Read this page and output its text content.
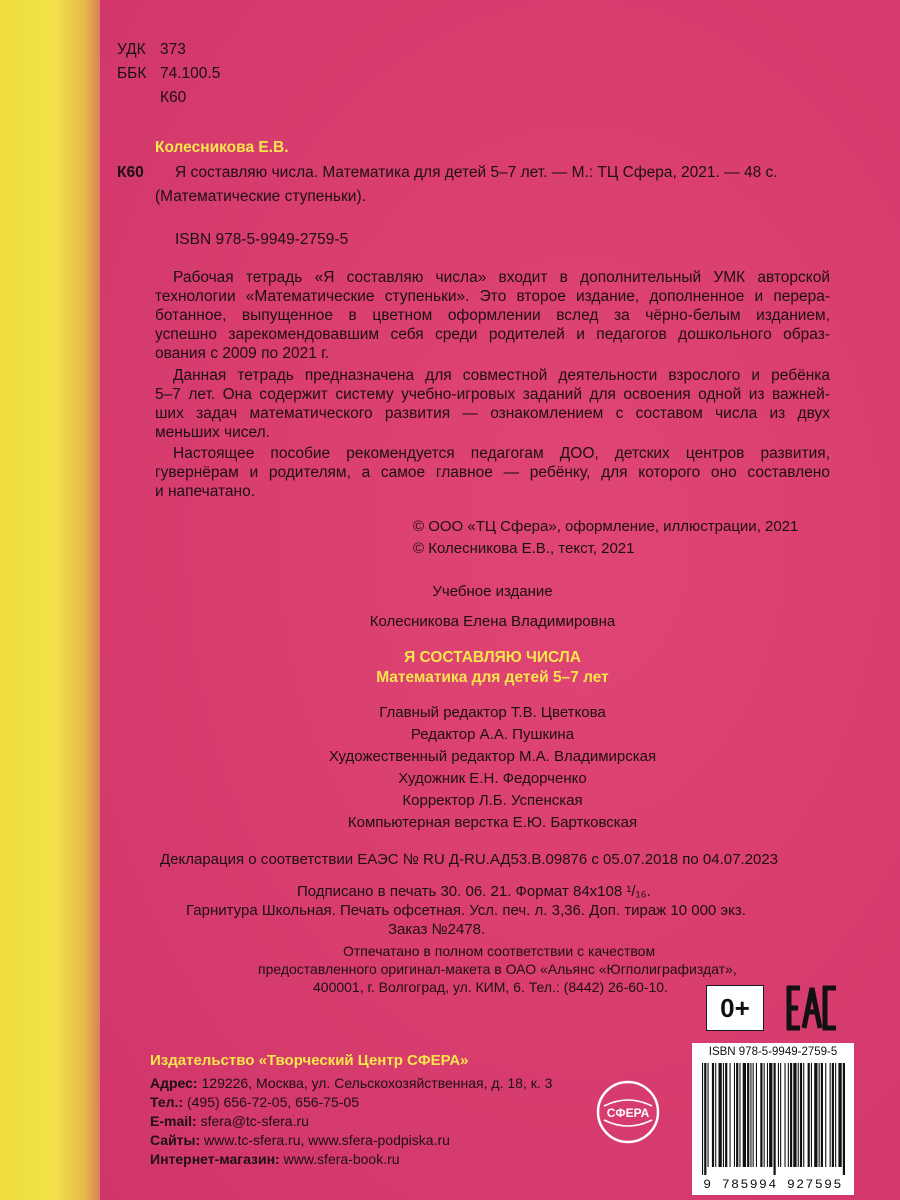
УДК 373
ББК 74.100.5
К60
Колесникова Е.В.
К60 Я составляю числа. Математика для детей 5–7 лет. — М.: ТЦ Сфера, 2021. — 48 с.
(Математические ступеньки).
ISBN 978-5-9949-2759-5
Рабочая тетрадь «Я составляю числа» входит в дополнительный УМК авторской
технологии «Математические ступеньки». Это второе издание, дополненное и перера-
ботанное, выпущенное в цветном оформлении вслед за чёрно-белым изданием,
успешно зарекомендовавшим себя среди родителей и педагогов дошкольного образ-
ования с 2009 по 2021 г.
Данная тетрадь предназначена для совместной деятельности взрослого и ребёнка
5–7 лет. Она содержит систему учебно-игровых заданий для освоения одной из важней-
ших задач математического развития — ознакомлением с составом числа из двух
меньших чисел.
Настоящее пособие рекомендуется педагогам ДОО, детских центров развития,
гувернёрам и родителям, а самое главное — ребёнку, для которого оно составлено
и напечатано.
© ООО «ТЦ Сфера», оформление, иллюстрации, 2021
© Колесникова Е.В., текст, 2021
Учебное издание
Колесникова Елена Владимировна
Я СОСТАВЛЯЮ ЧИСЛА
Математика для детей 5–7 лет
Главный редактор Т.В. Цветкова
Редактор А.А. Пушкина
Художественный редактор М.А. Владимирская
Художник Е.Н. Федорченко
Корректор Л.Б. Успенская
Компьютерная верстка Е.Ю. Бартковская
Декларация о соответствии ЕАЭС № RU Д-RU.АД53.В.09876 с 05.07.2018 по 04.07.2023
Подписано в печать 30. 06. 21. Формат 84x108 ¹/₁₆.
Гарнитура Школьная. Печать офсетная. Усл. печ. л. 3,36. Доп. тираж 10 000 экз.
Заказ №2478.
Отпечатано в полном соответствии с качеством
предоставленного оригинал-макета в ОАО «Альянс «Югполиграфиздат»,
400001, г. Волгоград, ул. КИМ, 6. Тел.: (8442) 26-60-10.
0+
Издательство «Творческий Центр СФЕРА»
Адрес: 129226, Москва, ул. Сельскохозяйственная, д. 18, к. 3
Тел.: (495) 656-72-05, 656-75-05
E-mail: sfera@tc-sfera.ru
Сайты: www.tc-sfera.ru, www.sfera-podpiska.ru
Интернет-магазин: www.sfera-book.ru
СФЕРА
ISBN 978-5-9949-2759-5
9 785994 927595
